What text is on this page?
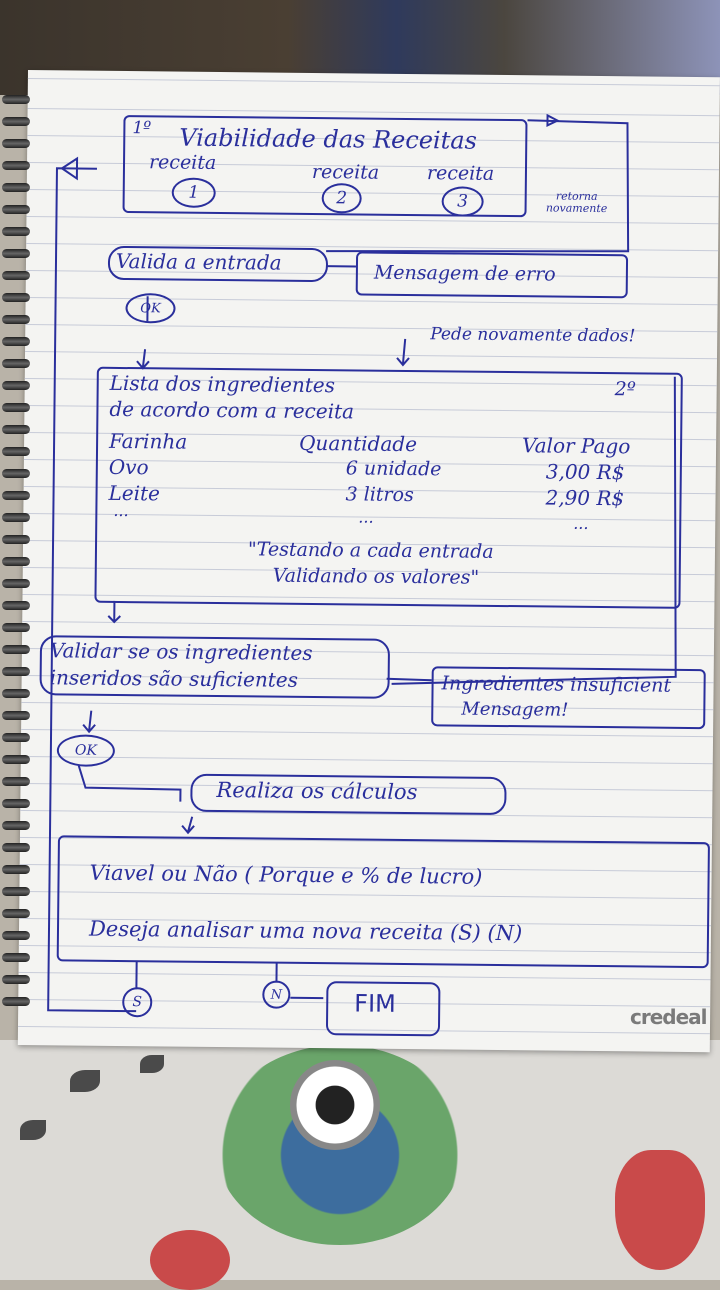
1º Viabilidade das Receitas
receita	receita	receita
1	2	3	retorna novamente
Valida a entrada	Mensagem de erro
OK
Pede novamente dados!
2º
Lista dos ingredientes
de acordo com a receita
Farinha	Quantidade	Valor Pago
Ovo	6 unidade	3,00 R$
Leite	3 litros	2,90 R$
...	...	...
"Testando a cada entrada
Validando os valores"
Validar se os ingredientes
inseridos são suficientes	Ingredientes insuficient
Mensagem!
OK
Realiza os cálculos
Viavel ou Não ( Porque e % de lucro)
Deseja analisar uma nova receita (S) (N)
S	N	FIM	credeal
